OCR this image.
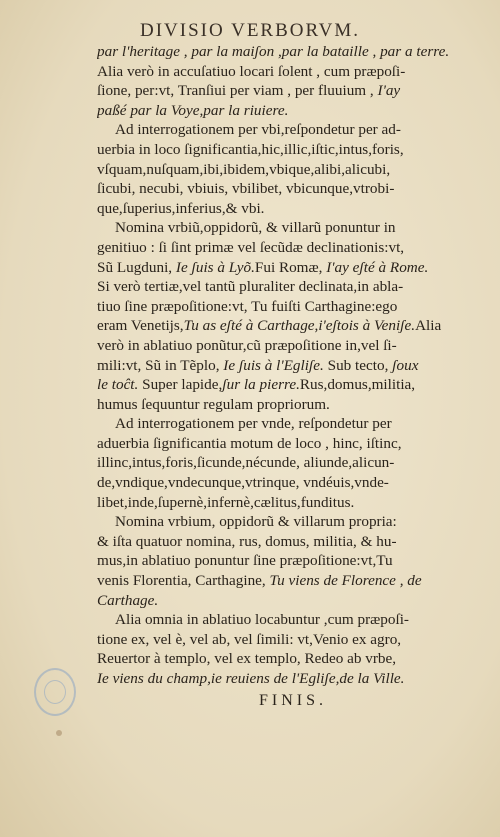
DIVISIO VERBORVM.
par l'heritage , par la maiʃon ,par la bataille , par a terre.
Alia verò in accuſatiuo locari ſolent , cum præpoſi-
ſione, per:vt, Tranſiui per viam , per fluuium , I'ay
paßé par la Voye,par la riuiere.
Ad interrogationem per vbi,reſpondetur per ad-
uerbia in loco ſignificantia,hic,illic,iſtic,intus,foris,
vſquam,nuſquam,ibi,ibidem,vbique,alibi,alicubi,
ſicubi, necubi, vbiuis, vbilibet, vbicunque,vtrobi-
que,ſuperius,inferius,& vbi.
Nomina vrbiũ,oppidorũ, & villarũ ponuntur in
genitiuo : ſi ſint primæ vel ſecũdæ declinationis:vt,
Sũ Lugduni, Ie ʃuis à Lyõ.Fui Romæ, I'ay eʃté à Rome.
Si verò tertiæ,vel tantũ pluraliter declinata,in abla-
tiuo ſine præpoſitione:vt, Tu fuiſti Carthagine:ego
eram Venetijs,Tu as eʃté à Carthage,i'eʃtois à Veniʃe.Alia
verò in ablatiuo ponũtur,cũ præpoſitione in,vel ſi-
mili:vt, Sũ in Tẽplo, Ie ʃuis à l'Egliʃe. Sub tecto, ʃoux
le toĉt. Super lapide,ʃur la pierre.Rus,domus,militia,
humus ſequuntur regulam propriorum.
Ad interrogationem per vnde, reſpondetur per
aduerbia ſignificantia motum de loco , hinc, iſtinc,
illinc,intus,foris,ſicunde,nécunde, aliunde,alicun-
de,vndique,vndecunque,vtrinque, vndéuis,vnde-
libet,inde,ſupernè,infernè,cælitus,funditus.
Nomina vrbium, oppidorũ & villarum propria:
& iſta quatuor nomina, rus, domus, militia, & hu-
mus,in ablatiuo ponuntur ſine præpoſitione:vt,Tu
venis Florentia, Carthagine, Tu viens de Florence , de
Carthage.
Alia omnia in ablatiuo locabuntur ,cum præpoſi-
tione ex, vel è, vel ab, vel ſimili: vt,Venio ex agro,
Reuertor à templo, vel ex templo, Redeo ab vrbe,
Ie viens du champ,ie reuiens de l'Egliʃe,de la Ville.
FINIS.
